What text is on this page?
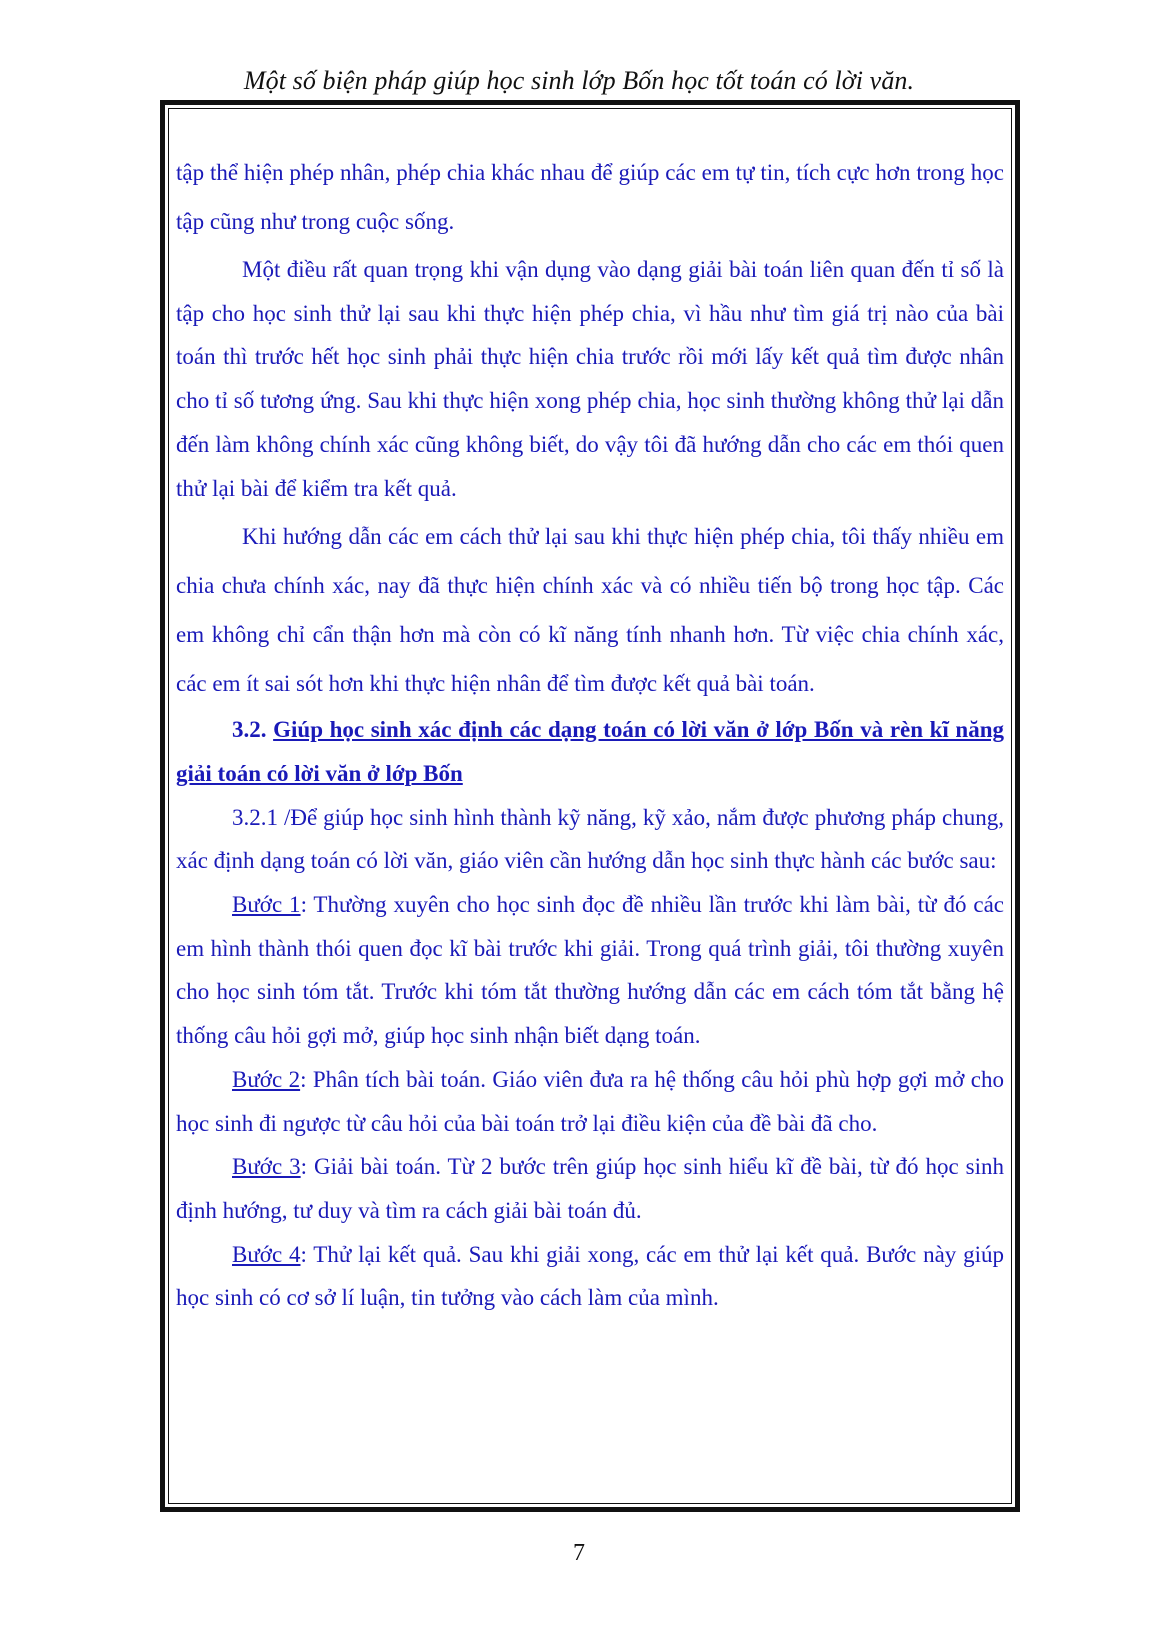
Một số biện pháp giúp học sinh lớp Bốn học tốt toán có lời văn.

tập thể hiện phép nhân, phép chia khác nhau để giúp các em tự tin, tích cực hơn trong học tập cũng như trong cuộc sống.

Một điều rất quan trọng khi vận dụng vào dạng giải bài toán liên quan đến tỉ số là tập cho học sinh thử lại sau khi thực hiện phép chia, vì hầu như tìm giá trị nào của bài toán thì trước hết học sinh phải thực hiện chia trước rồi mới lấy kết quả tìm được nhân cho tỉ số tương ứng. Sau khi thực hiện xong phép chia, học sinh thường không thử lại dẫn đến làm không chính xác cũng không biết, do vậy tôi đã hướng dẫn cho các em thói quen thử lại bài để kiểm tra kết quả.

Khi hướng dẫn các em cách thử lại sau khi thực hiện phép chia, tôi thấy nhiều em chia chưa chính xác, nay đã thực hiện chính xác và có nhiều tiến bộ trong học tập. Các em không chỉ cẩn thận hơn mà còn có kĩ năng tính nhanh hơn. Từ việc chia chính xác, các em ít sai sót hơn khi thực hiện nhân để tìm được kết quả bài toán.

3.2. Giúp học sinh xác định các dạng toán có lời văn ở lớp Bốn và rèn kĩ năng giải toán có lời văn ở lớp Bốn

3.2.1 /Để giúp học sinh hình thành kỹ năng, kỹ xảo, nắm được phương pháp chung, xác định dạng toán có lời văn, giáo viên cần hướng dẫn học sinh thực hành các bước sau:

Bước 1: Thường xuyên cho học sinh đọc đề nhiều lần trước khi làm bài, từ đó các em hình thành thói quen đọc kĩ bài trước khi giải. Trong quá trình giải, tôi thường xuyên cho học sinh tóm tắt. Trước khi tóm tắt thường hướng dẫn các em cách tóm tắt bằng hệ thống câu hỏi gợi mở, giúp học sinh nhận biết dạng toán.

Bước 2: Phân tích bài toán. Giáo viên đưa ra hệ thống câu hỏi phù hợp gợi mở cho học sinh đi ngược từ câu hỏi của bài toán trở lại điều kiện của đề bài đã cho.

Bước 3: Giải bài toán. Từ 2 bước trên giúp học sinh hiểu kĩ đề bài, từ đó học sinh định hướng, tư duy và tìm ra cách giải bài toán đủ.

Bước 4: Thử lại kết quả. Sau khi giải xong, các em thử lại kết quả. Bước này giúp học sinh có cơ sở lí luận, tin tưởng vào cách làm của mình.

7
